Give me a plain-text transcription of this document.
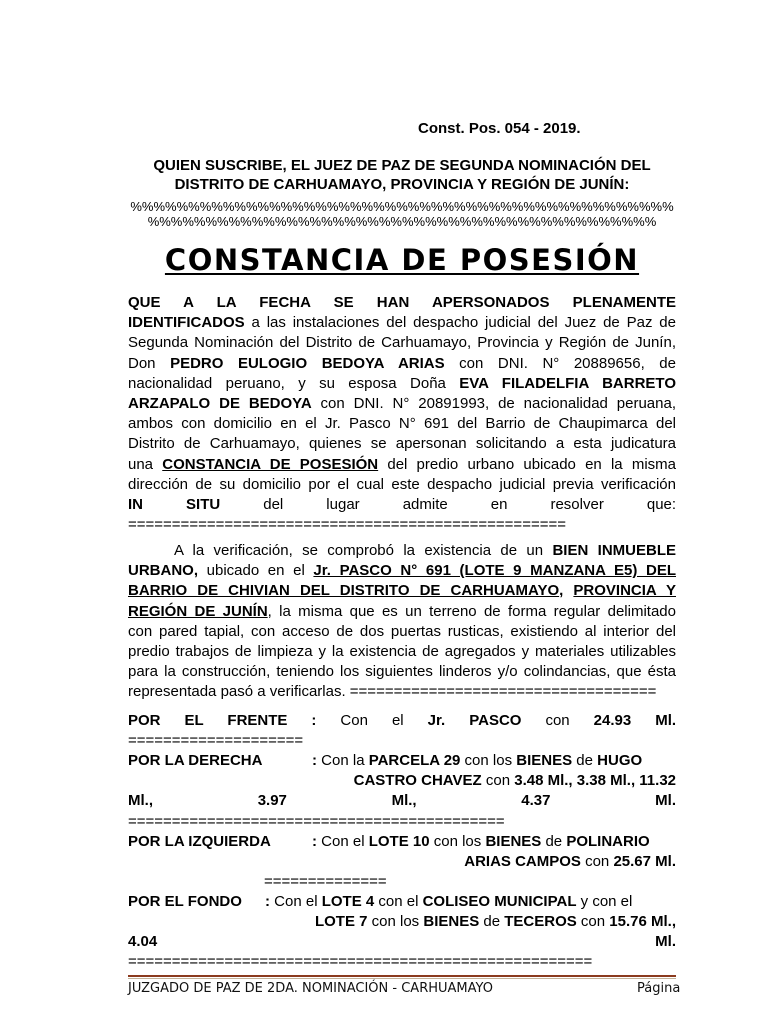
Const. Pos. 054 - 2019.
QUIEN SUSCRIBE, EL JUEZ DE PAZ DE SEGUNDA NOMINACIÓN DEL
DISTRITO DE CARHUAMAYO, PROVINCIA Y REGIÓN DE JUNÍN:
%%%%%%%%%%%%%%%%%%%%%%%%%%%%%%%%%%%%%%%%%%%%%%%
%%%%%%%%%%%%%%%%%%%%%%%%%%%%%%%%%%%%%%%%%%%%
CONSTANCIA DE POSESIÓN
QUE A LA FECHA SE HAN APERSONADOS PLENAMENTE
IDENTIFICADOS a las instalaciones del despacho judicial del Juez de Paz de
Segunda Nominación del Distrito de Carhuamayo, Provincia y Región de Junín,
Don PEDRO EULOGIO BEDOYA ARIAS con DNI. N° 20889656, de
nacionalidad peruano, y su esposa Doña EVA FILADELFIA BARRETO
ARZAPALO DE BEDOYA con DNI. N° 20891993, de nacionalidad peruana,
ambos con domicilio en el Jr. Pasco N° 691 del Barrio de Chaupimarca del
Distrito de Carhuamayo, quienes se apersonan solicitando a esta judicatura
una CONSTANCIA DE POSESIÓN del predio urbano ubicado en la misma
dirección de su domicilio por el cual este despacho judicial previa verificación
IN	SITU	del	lugar	admite	en	resolver	que:
==================================================
A la verificación, se comprobó la existencia de un BIEN INMUEBLE
URBANO, ubicado en el Jr. PASCO N° 691 (LOTE 9 MANZANA E5) DEL
BARRIO DE CHIVIAN DEL DISTRITO DE CARHUAMAYO, PROVINCIA Y
REGIÓN DE JUNÍN, la misma que es un terreno de forma regular delimitado
con pared tapial, con acceso de dos puertas rusticas, existiendo al interior del
predio trabajos de limpieza y la existencia de agregados y materiales utilizables
para la construcción, teniendo los siguientes linderos y/o colindancias, que ésta
representada pasó a verificarlas. ===================================
POR EL FRENTE : Con el Jr. PASCO con 24.93 Ml.
====================
POR LA DERECHA	: Con la PARCELA 29 con los BIENES de HUGO
CASTRO CHAVEZ con 3.48 Ml., 3.38 Ml., 11.32
Ml.,	3.97	Ml.,	4.37	Ml.
===========================================
POR LA IZQUIERDA	: Con el LOTE 10 con los BIENES de POLINARIO
ARIAS CAMPOS con 25.67 Ml.
==============
POR EL FONDO : Con el LOTE 4 con el COLISEO MUNICIPAL y con el
LOTE 7 con los BIENES de TECEROS con 15.76 Ml.,
4.04	Ml.
=====================================================
JUZGADO DE PAZ DE 2DA. NOMINACIÓN - CARHUAMAYO	Página
